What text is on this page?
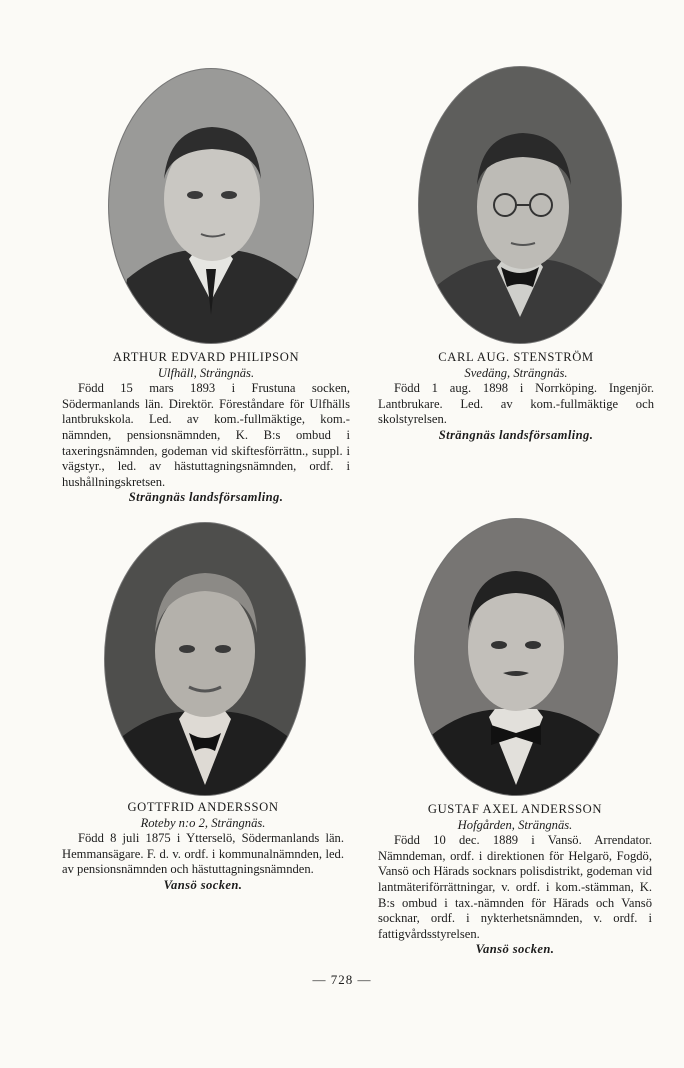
ARTHUR EDVARD PHILIPSON
Ulfhäll, Strängnäs.
Född 15 mars 1893 i Frustuna socken, Södermanlands län. Direktör. Föreståndare för Ulfhälls lantbrukskola. Led. av kom.-fullmäktige, kom.-nämnden, pensionsnämnden, K. B:s ombud i taxeringsnämnden, godeman vid skiftesförrättn., suppl. i vägstyr., led. av hästuttagningsnämnden, ordf. i hushållningskretsen.
Strängnäs landsförsamling.
CARL AUG. STENSTRÖM
Svedäng, Strängnäs.
Född 1 aug. 1898 i Norrköping. Ingenjör. Lantbrukare. Led. av kom.-fullmäktige och skolstyrelsen.
Strängnäs landsförsamling.
GOTTFRID ANDERSSON
Roteby n:o 2, Strängnäs.
Född 8 juli 1875 i Ytterselö, Södermanlands län. Hemmansägare. F. d. v. ordf. i kommunalnämnden, led. av pensionsnämnden och hästuttagningsnämnden.
Vansö socken.
GUSTAF AXEL ANDERSSON
Hofgården, Strängnäs.
Född 10 dec. 1889 i Vansö. Arrendator. Nämndeman, ordf. i direktionen för Helgarö, Fogdö, Vansö och Härads socknars polisdistrikt, godeman vid lantmäteriförrättningar, v. ordf. i kom.-stämman, K. B:s ombud i tax.-nämnden för Härads och Vansö socknar, ordf. i nykterhetsnämnden, v. ordf. i fattigvårdsstyrelsen.
Vansö socken.
— 728 —
